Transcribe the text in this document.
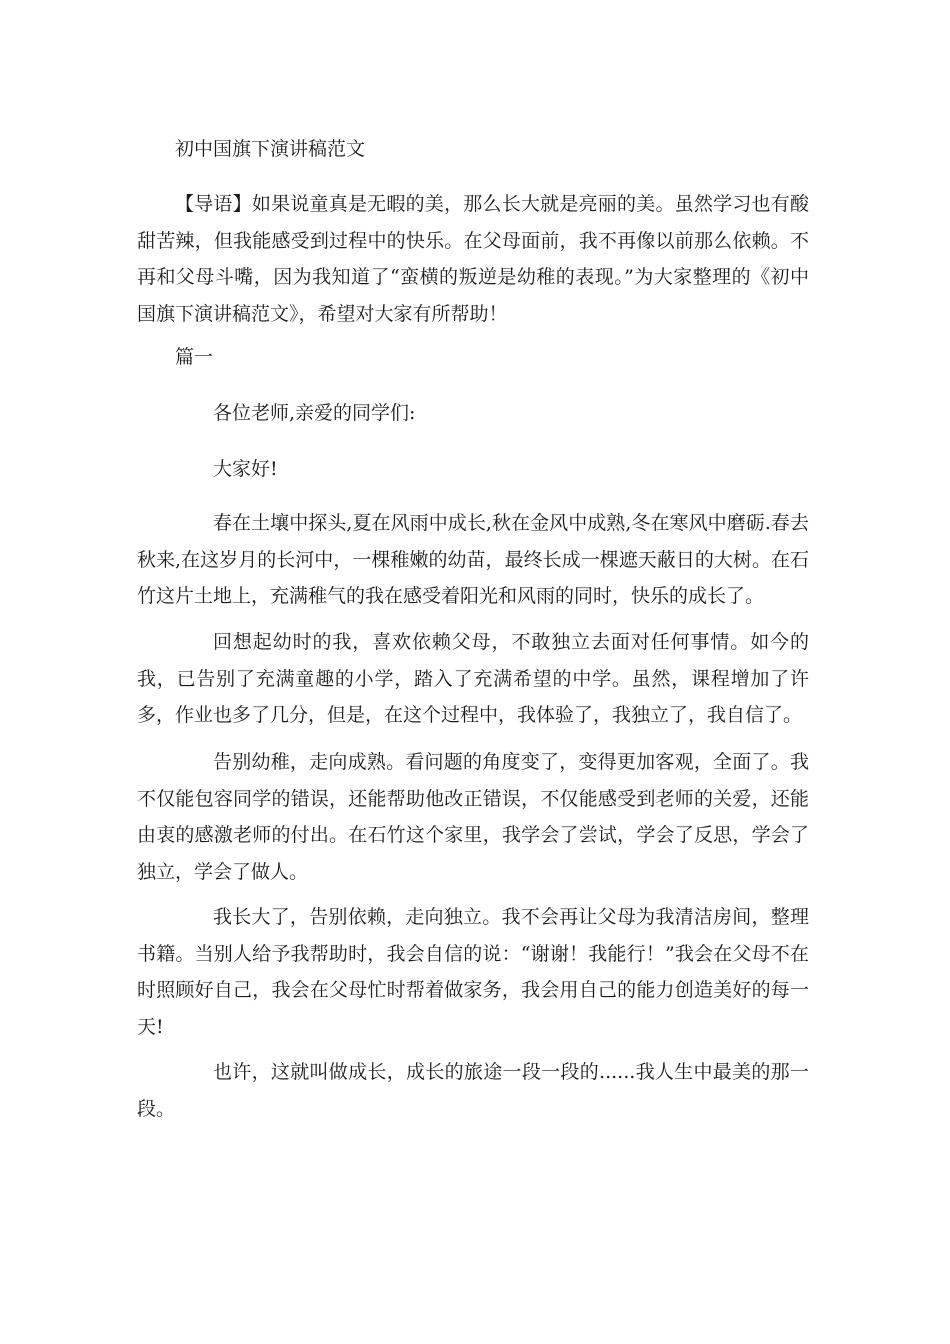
初中国旗下演讲稿范文

【导语】如果说童真是无暇的美，那么长大就是亮丽的美。虽然学习也有酸甜苦辣，但我能感受到过程中的快乐。在父母面前，我不再像以前那么依赖。不再和父母斗嘴，因为我知道了“蛮横的叛逆是幼稚的表现。”为大家整理的《初中国旗下演讲稿范文》，希望对大家有所帮助！

篇一
各位老师,亲爱的同学们:
大家好!

春在土壤中探头,夏在风雨中成长,秋在金风中成熟,冬在寒风中磨砺.春去秋来,在这岁月的长河中，一棵稚嫩的幼苗，最终长成一棵遮天蔽日的大树。在石竹这片土地上，充满稚气的我在感受着阳光和风雨的同时，快乐的成长了。

回想起幼时的我，喜欢依赖父母，不敢独立去面对任何事情。如今的我，已告别了充满童趣的小学，踏入了充满希望的中学。虽然，课程增加了许多，作业也多了几分，但是，在这个过程中，我体验了，我独立了，我自信了。

告别幼稚，走向成熟。看问题的角度变了，变得更加客观，全面了。我不仅能包容同学的错误，还能帮助他改正错误，不仅能感受到老师的关爱，还能由衷的感激老师的付出。在石竹这个家里，我学会了尝试，学会了反思，学会了独立，学会了做人。

我长大了，告别依赖，走向独立。我不会再让父母为我清洁房间，整理书籍。当别人给予我帮助时，我会自信的说：“谢谢！我能行！”我会在父母不在时照顾好自己，我会在父母忙时帮着做家务，我会用自己的能力创造美好的每一天!

也许，这就叫做成长，成长的旅途一段一段的......我人生中最美的那一段。
